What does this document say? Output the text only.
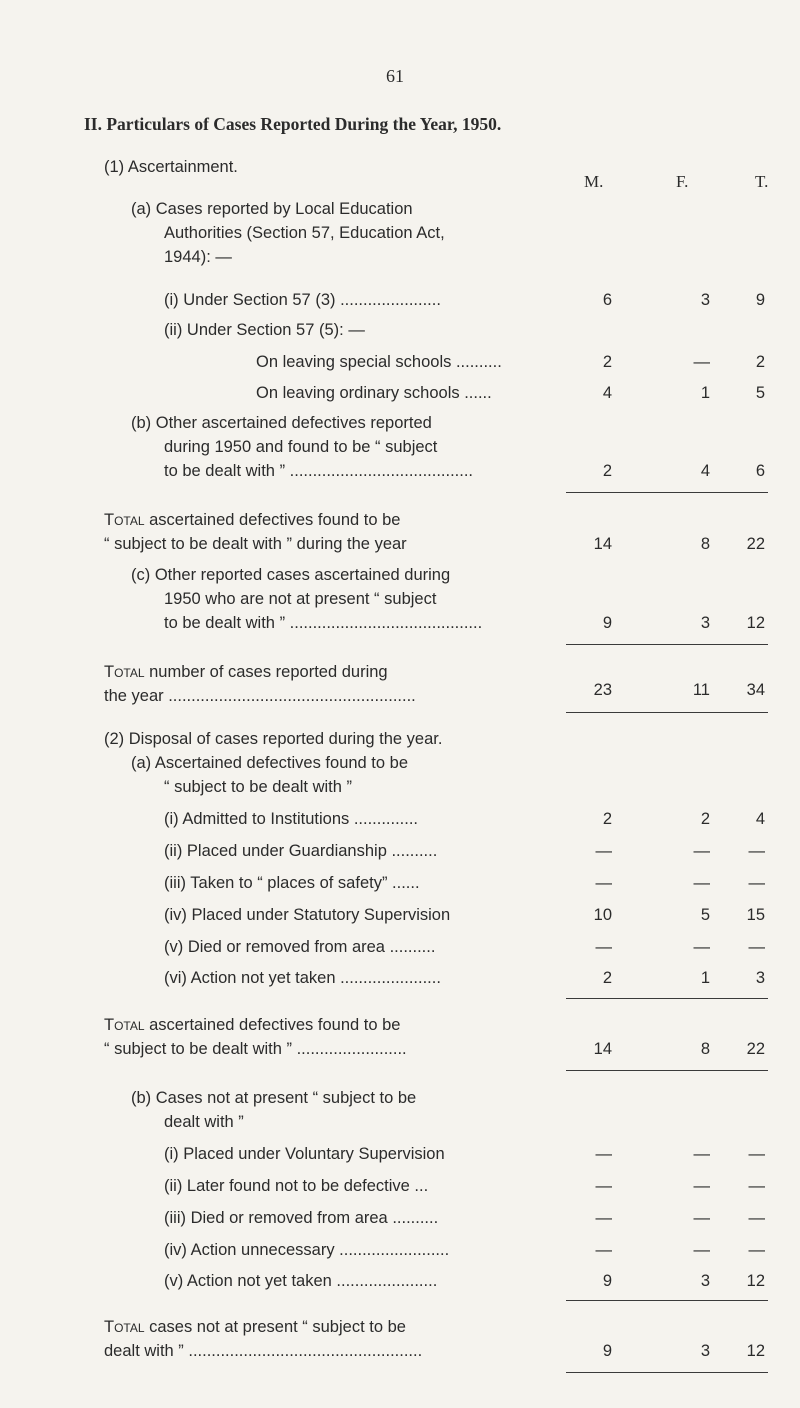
61
II. Particulars of Cases Reported During the Year, 1950.
(1) Ascertainment.
M.	F.	T.
(a) Cases reported by Local Education
Authorities (Section 57, Education Act,
1944): —
(i) Under Section 57 (3) ......................	6	3	9
(ii) Under Section 57 (5): —
On leaving special schools ..........	2	—	2
On leaving ordinary schools ......	4	1	5
(b) Other ascertained defectives reported
during 1950 and found to be “ subject
to be dealt with ” ........................................	2	4	6
Total ascertained defectives found to be
“ subject to be dealt with ” during the year	14	8	22
(c) Other reported cases ascertained during
1950 who are not at present “ subject
to be dealt with ” ..........................................	9	3	12
Total number of cases reported during
the year ......................................................	23	11	34
(2) Disposal of cases reported during the year.
(a) Ascertained defectives found to be
“ subject to be dealt with ”
(i) Admitted to Institutions ..............	2	2	4
(ii) Placed under Guardianship ..........	—	—	—
(iii) Taken to “ places of safety” ......	—	—	—
(iv) Placed under Statutory Supervision	10	5	15
(v) Died or removed from area ..........	—	—	—
(vi) Action not yet taken ......................	2	1	3
Total ascertained defectives found to be
“ subject to be dealt with ” ........................	14	8	22
(b) Cases not at present “ subject to be
dealt with ”
(i) Placed under Voluntary Supervision	—	—	—
(ii) Later found not to be defective ...	—	—	—
(iii) Died or removed from area ..........	—	—	—
(iv) Action unnecessary ........................	—	—	—
(v) Action not yet taken ......................	9	3	12
Total cases not at present “ subject to be
dealt with ” ...................................................	9	3	12
